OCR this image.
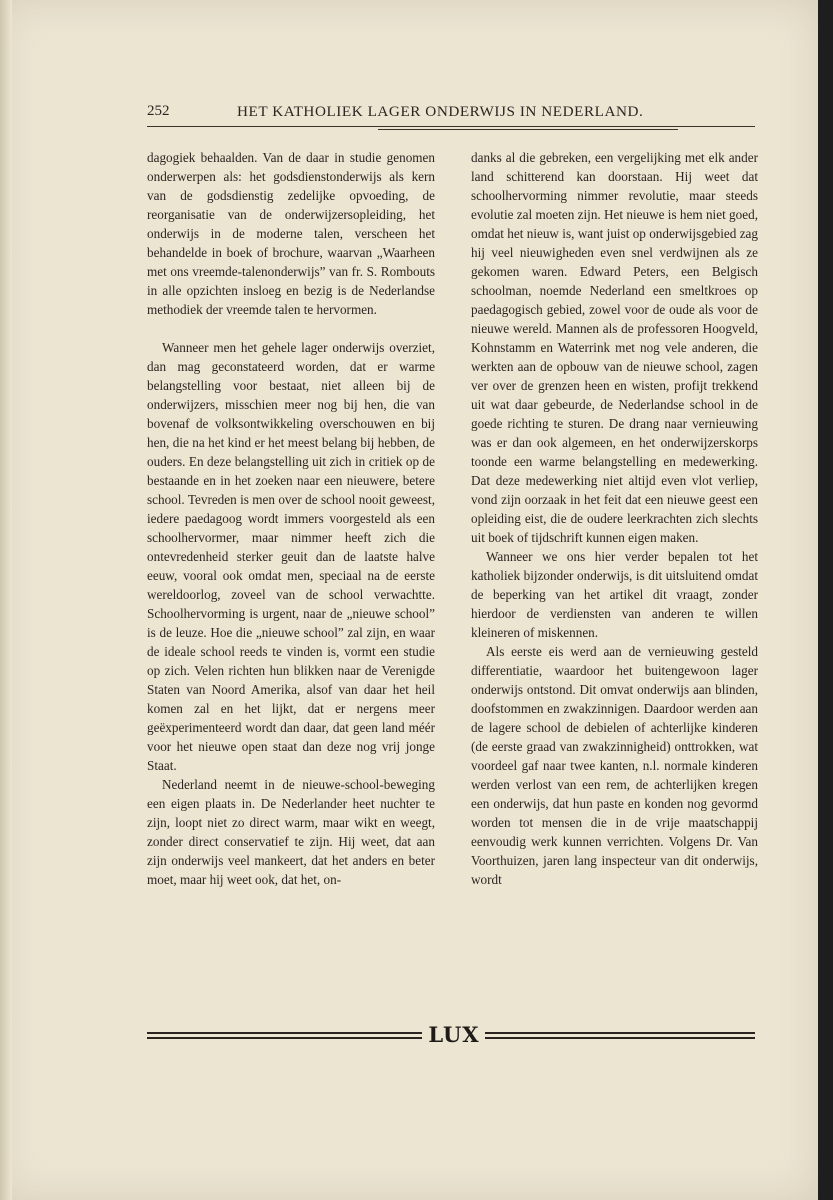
252	HET KATHOLIEK LAGER ONDERWIJS IN NEDERLAND.

dagogiek behaalden. Van de daar in studie genomen onderwerpen als: het godsdienstonderwijs als kern van de godsdienstig zedelijke opvoeding, de reorganisatie van de onderwijzersopleiding, het onderwijs in de moderne talen, verscheen het behandelde in boek of brochure, waarvan „Waarheen met ons vreemde-talenonderwijs” van fr. S. Rombouts in alle opzichten insloeg en bezig is de Nederlandse methodiek der vreemde talen te hervormen.

Wanneer men het gehele lager onderwijs overziet, dan mag geconstateerd worden, dat er warme belangstelling voor bestaat, niet alleen bij de onderwijzers, misschien meer nog bij hen, die van bovenaf de volksontwikkeling overschouwen en bij hen, die na het kind er het meest belang bij hebben, de ouders. En deze belangstelling uit zich in critiek op de bestaande en in het zoeken naar een nieuwere, betere school. Tevreden is men over de school nooit geweest, iedere paedagoog wordt immers voorgesteld als een schoolhervormer, maar nimmer heeft zich die ontevredenheid sterker geuit dan de laatste halve eeuw, vooral ook omdat men, speciaal na de eerste wereldoorlog, zoveel van de school verwachtte. Schoolhervorming is urgent, naar de „nieuwe school” is de leuze. Hoe die „nieuwe school” zal zijn, en waar de ideale school reeds te vinden is, vormt een studie op zich. Velen richten hun blikken naar de Verenigde Staten van Noord Amerika, alsof van daar het heil komen zal en het lijkt, dat er nergens meer geëxperimenteerd wordt dan daar, dat geen land méér voor het nieuwe open staat dan deze nog vrij jonge Staat.

Nederland neemt in de nieuwe-school-beweging een eigen plaats in. De Nederlander heet nuchter te zijn, loopt niet zo direct warm, maar wikt en weegt, zonder direct conservatief te zijn. Hij weet, dat aan zijn onderwijs veel mankeert, dat het anders en beter moet, maar hij weet ook, dat het, on-

danks al die gebreken, een vergelijking met elk ander land schitterend kan doorstaan. Hij weet dat schoolhervorming nimmer revolutie, maar steeds evolutie zal moeten zijn. Het nieuwe is hem niet goed, omdat het nieuw is, want juist op onderwijsgebied zag hij veel nieuwigheden even snel verdwijnen als ze gekomen waren. Edward Peters, een Belgisch schoolman, noemde Nederland een smeltkroes op paedagogisch gebied, zowel voor de oude als voor de nieuwe wereld. Mannen als de professoren Hoogveld, Kohnstamm en Waterrink met nog vele anderen, die werkten aan de opbouw van de nieuwe school, zagen ver over de grenzen heen en wisten, profijt trekkend uit wat daar gebeurde, de Nederlandse school in de goede richting te sturen. De drang naar vernieuwing was er dan ook algemeen, en het onderwijzerskorps toonde een warme belangstelling en medewerking. Dat deze medewerking niet altijd even vlot verliep, vond zijn oorzaak in het feit dat een nieuwe geest een opleiding eist, die de oudere leerkrachten zich slechts uit boek of tijdschrift kunnen eigen maken.

Wanneer we ons hier verder bepalen tot het katholiek bijzonder onderwijs, is dit uitsluitend omdat de beperking van het artikel dit vraagt, zonder hierdoor de verdiensten van anderen te willen kleineren of miskennen.

Als eerste eis werd aan de vernieuwing gesteld differentiatie, waardoor het buitengewoon lager onderwijs ontstond. Dit omvat onderwijs aan blinden, doofstommen en zwakzinnigen. Daardoor werden aan de lagere school de debielen of achterlijke kinderen (de eerste graad van zwakzinnigheid) onttrokken, wat voordeel gaf naar twee kanten, n.l. normale kinderen werden verlost van een rem, de achterlijken kregen een onderwijs, dat hun paste en konden nog gevormd worden tot mensen die in de vrije maatschappij eenvoudig werk kunnen verrichten. Volgens Dr. Van Voorthuizen, jaren lang inspecteur van dit onderwijs, wordt

LUX
